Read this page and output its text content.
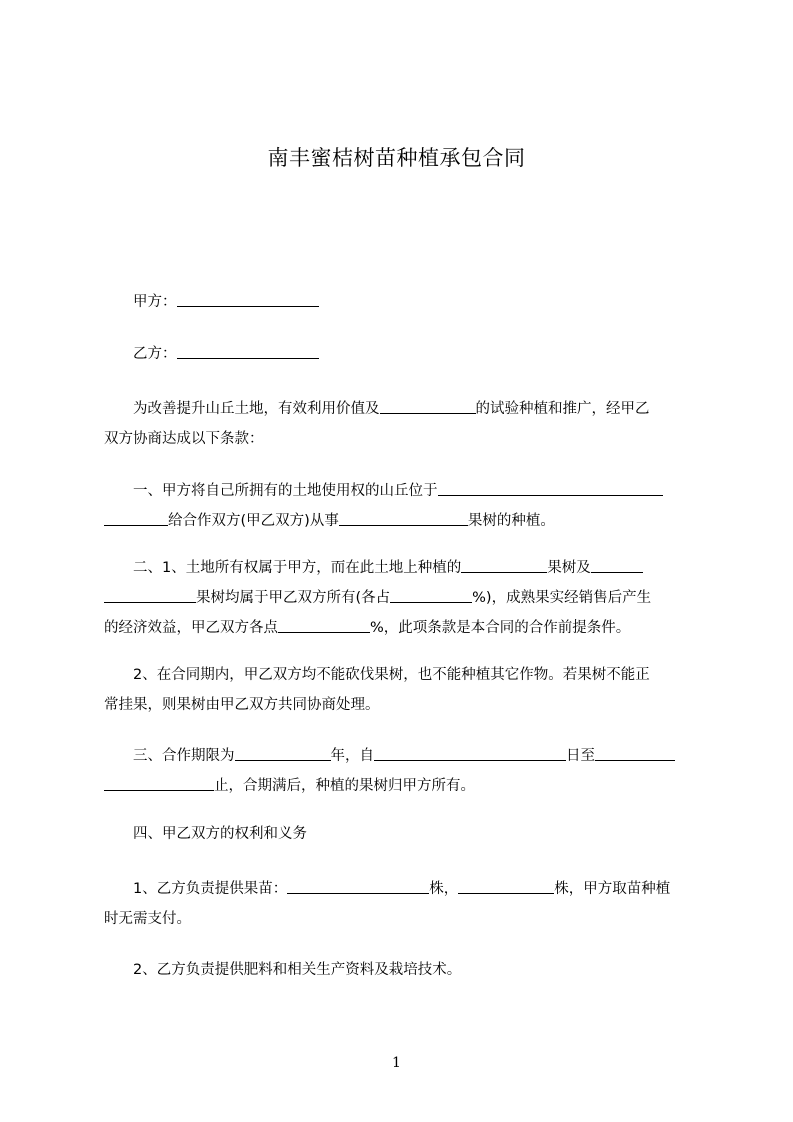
南丰蜜桔树苗种植承包合同
甲方：
乙方：
为改善提升山丘土地，有效利用价值及	的试验种植和推广，经甲乙
双方协商达成以下条款：
一、甲方将自己所拥有的土地使用权的山丘位于
给合作双方(甲乙双方)从事	果树的种植。
二、1、土地所有权属于甲方，而在此土地上种植的	果树及
果树均属于甲乙双方所有(各占	%)，成熟果实经销售后产生
的经济效益，甲乙双方各点	%，此项条款是本合同的合作前提条件。
2、在合同期内，甲乙双方均不能砍伐果树，也不能种植其它作物。若果树不能正
常挂果，则果树由甲乙双方共同协商处理。
三、合作期限为	年，自	日至
止，合期满后，种植的果树归甲方所有。
四、甲乙双方的权利和义务
1、乙方负责提供果苗：	株，	株，甲方取苗种植
时无需支付。
2、乙方负责提供肥料和相关生产资料及栽培技术。
1
